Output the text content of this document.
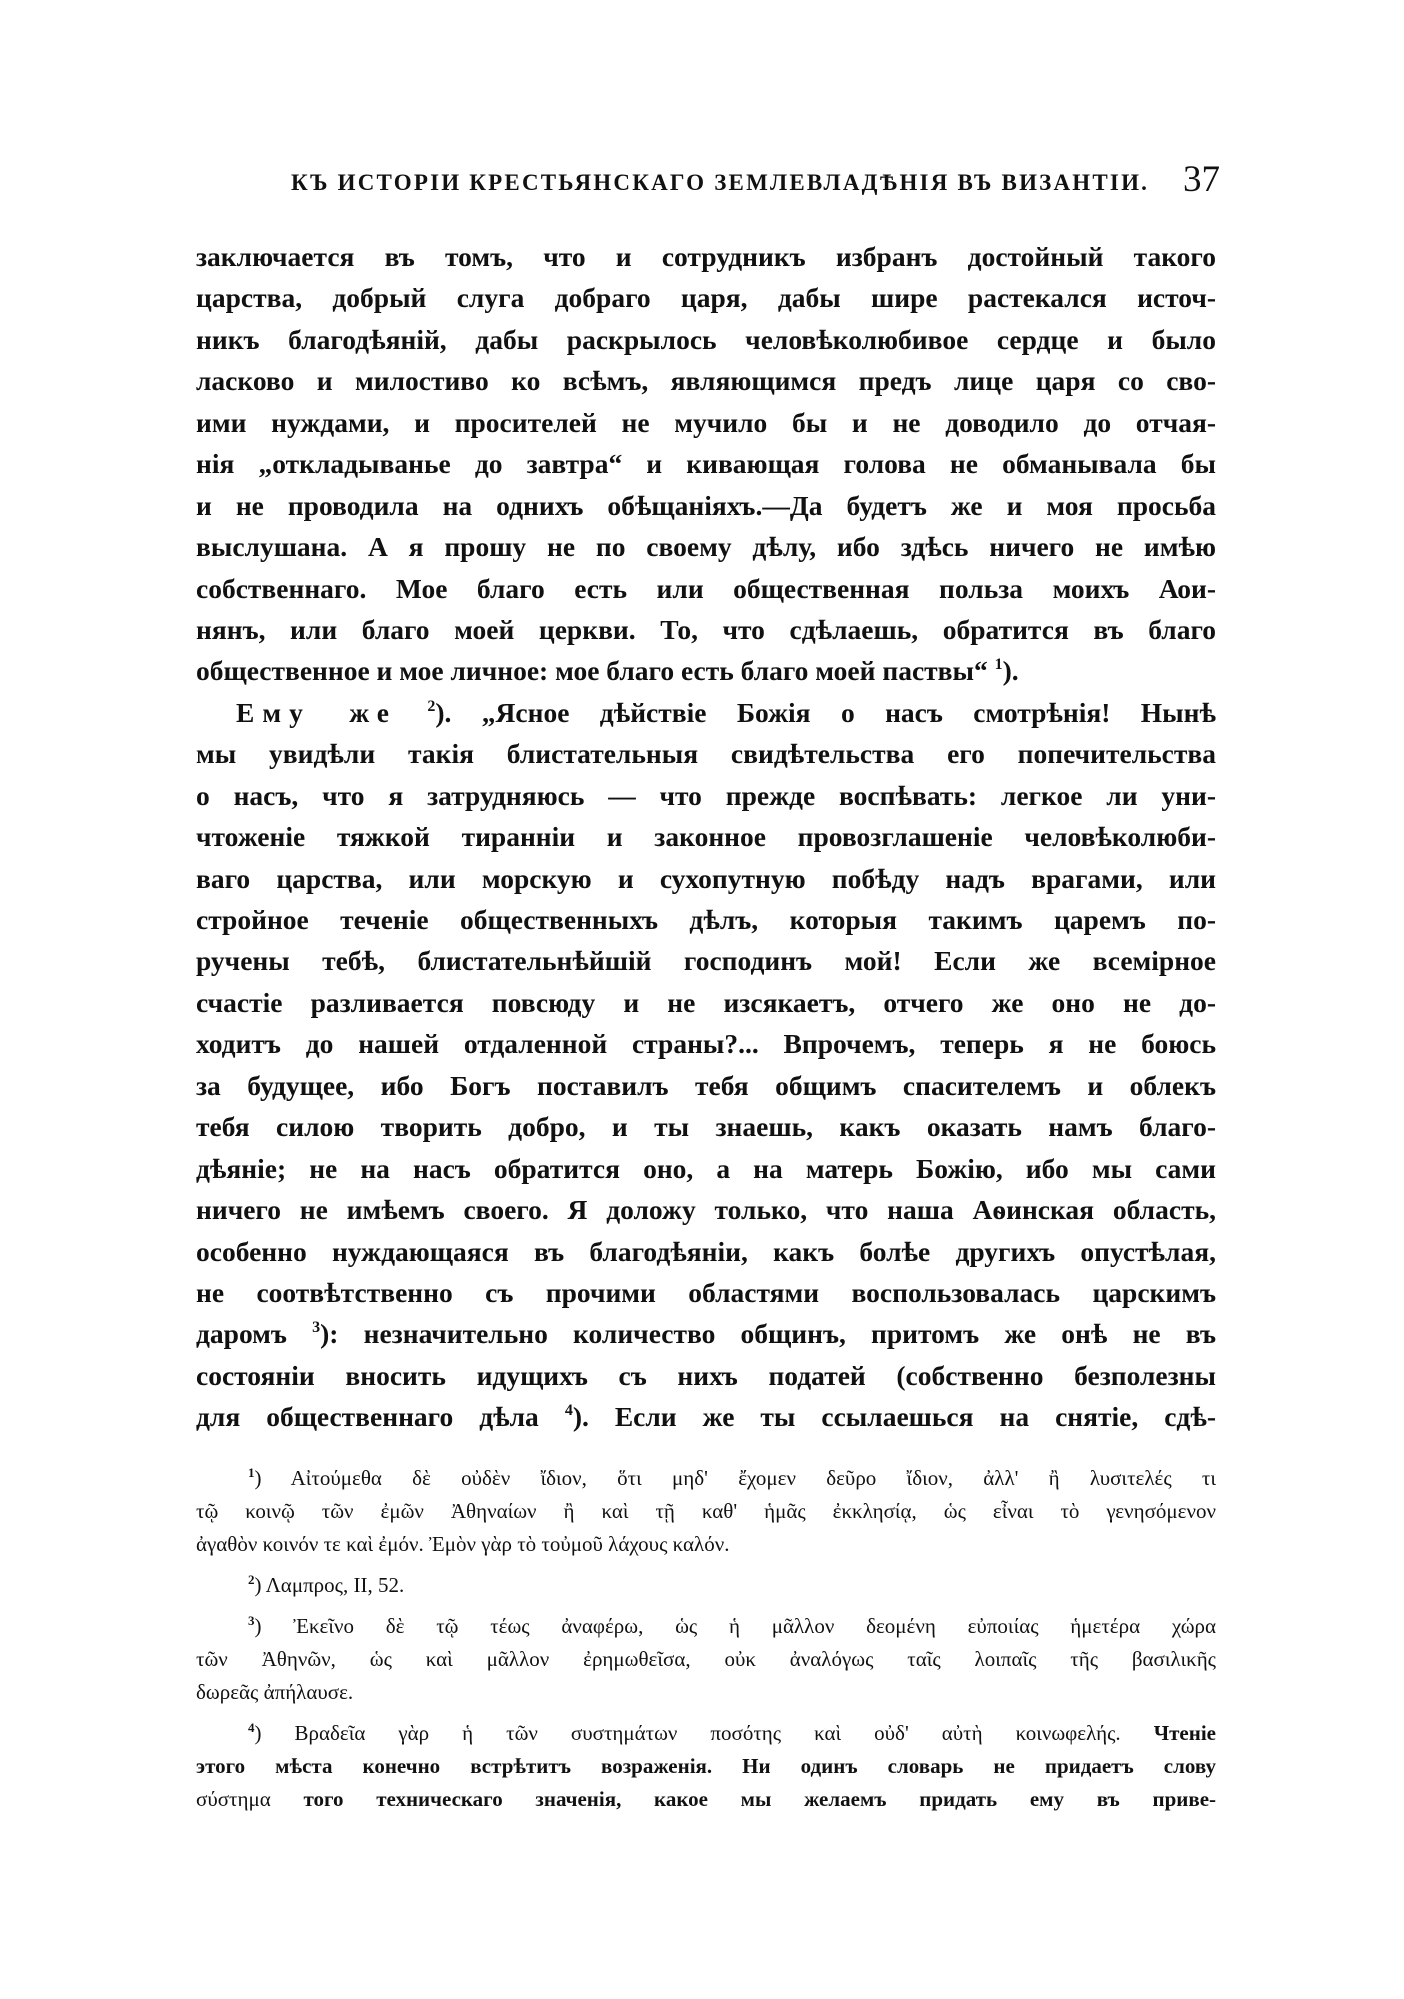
КЪ ИСТОРІИ КРЕСТЬЯНСКАГО ЗЕМЛЕВЛАДѢНІЯ ВЪ ВИЗАНТІИ. 37
заключается въ томъ, что и сотрудникъ избранъ достойный такого
царства, добрый слуга добраго царя, дабы шире растекался источ-
никъ благодѣяній, дабы раскрылось человѣколюбивое сердце и было
ласково и милостиво ко всѣмъ, являющимся предъ лице царя со сво-
ими нуждами, и просителей не мучило бы и не доводило до отчая-
нія „откладыванье до завтра“ и кивающая голова не обманывала бы
и не проводила на однихъ обѣщаніяхъ.—Да будетъ же и моя просьба
выслушана. А я прошу не по своему дѣлу, ибо здѣсь ничего не имѣю
собственнаго. Мое благо есть или общественная польза моихъ Аои-
нянъ, или благо моей церкви. То, что сдѣлаешь, обратится въ благо
общественное и мое личное: мое благо есть благо моей паствы“ $^1$).
Ему же $^2$). „Ясное дѣйствіе Божія о насъ смотрѣнія! Нынѣ
мы увидѣли такія блистательныя свидѣтельства его попечительства
о насъ, что я затрудняюсь — что прежде воспѣвать: легкое ли уни-
чтоженіе тяжкой тиранніи и законное провозглашеніе человѣколюби-
ваго царства, или морскую и сухопутную побѣду надъ врагами, или
стройное теченіе общественныхъ дѣлъ, которыя такимъ царемъ по-
ручены тебѣ, блистательнѣйшій господинъ мой! Если же всемірное
счастіе разливается повсюду и не изсякаетъ, отчего же оно не до-
ходитъ до нашей отдаленной страны?... Впрочемъ, теперь я не боюсь
за будущее, ибо Богъ поставилъ тебя общимъ спасителемъ и облекъ
тебя силою творить добро, и ты знаешь, какъ оказать намъ благо-
дѣяніе; не на насъ обратится оно, а на матерь Божію, ибо мы сами
ничего не имѣемъ своего. Я доложу только, что наша Аѳинская область,
особенно нуждающаяся въ благодѣяніи, какъ болѣе другихъ опустѣлая,
не соотвѣтственно съ прочими областями воспользовалась царскимъ
даромъ $^3$): незначительно количество общинъ, притомъ же онѣ не въ
состояніи вносить идущихъ съ нихъ податей (собственно безполезны
для общественнаго дѣла $^4$). Если же ты ссылаешься на снятіе, сдѣ-
$^1$) Αἰτούμεθα δὲ οὐδὲν ἴδιον, ὅτι μηδ' ἔχομεν δεῦρο ἴδιον, ἀλλ' ἢ λυσιτελές τι
τῷ κοινῷ τῶν ἐμῶν Ἀθηναίων ἢ καὶ τῇ καθ' ἡμᾶς ἐκκλησίᾳ, ὡς εἶναι τὸ γενησόμενον
ἀγαθὸν κοινόν τε καὶ ἐμόν. Ἐμὸν γὰρ τὸ τοὐμοῦ λάχους καλόν.
$^2$) Λαμπρος, II, 52.
$^3$) Ἐκεῖνο δὲ τῷ τέως ἀναφέρω, ὡς ἡ μᾶλλον δεομένη εὐποιίας ἡμετέρα χώρα
τῶν Ἀθηνῶν, ὡς καὶ μᾶλλον ἐρημωθεῖσα, οὐκ ἀναλόγως ταῖς λοιπαῖς τῆς βασιλικῆς
δωρεᾶς ἀπήλαυσε.
$^4$) Βραδεῖα γὰρ ἡ τῶν συστημάτων ποσότης καὶ οὐδ' αὐτὴ κοινωφελής. Чтеніе
этого мѣста конечно встрѣтитъ возраженія. Ни одинъ словарь не придаетъ слову
σύστημα того техническаго значенія, какое мы желаемъ придать ему въ приве-
